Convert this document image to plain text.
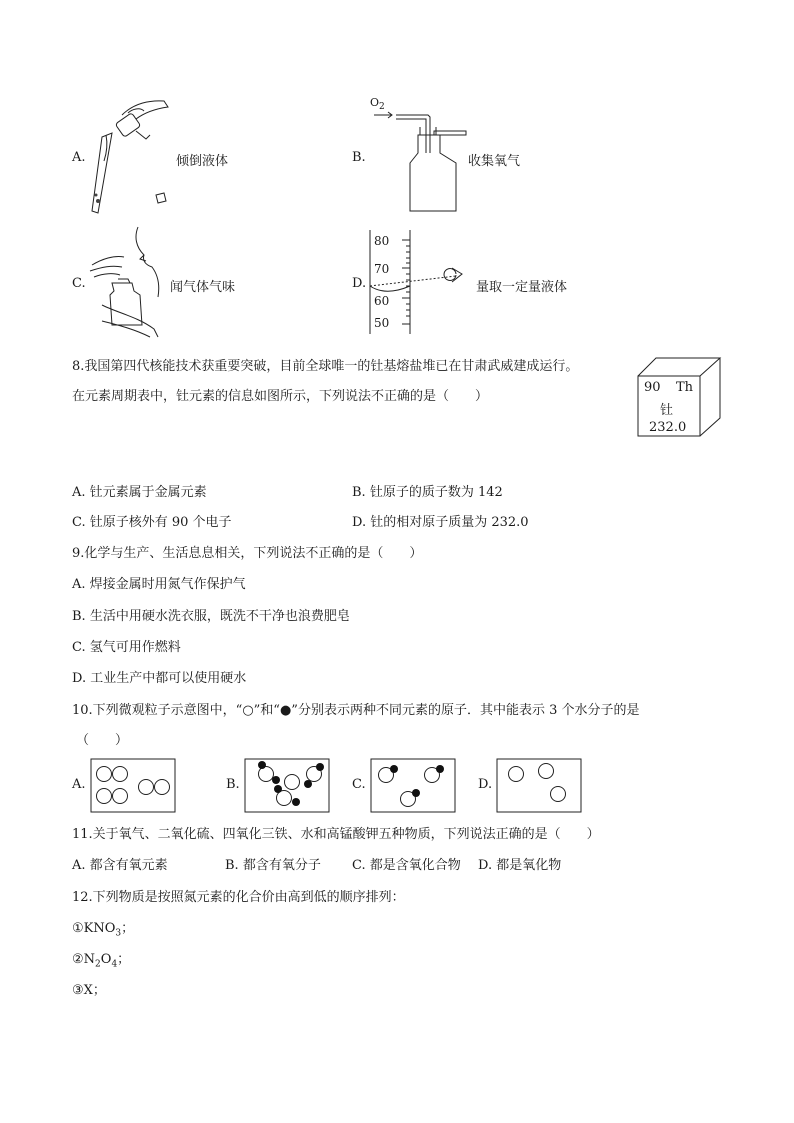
A.	倾倒液体	B.
$O_2$
收集氧气
C.	闻气体气味	D.
80
70
60
50
量取一定量液体
8.我国第四代核能技术获重要突破，目前全球唯一的钍基熔盐堆已在甘肃武威建成运行。
在元素周期表中，钍元素的信息如图所示，下列说法不正确的是（　　）
90 Th
钍
232.0
A. 钍元素属于金属元素	B. 钍原子的质子数为 142
C. 钍原子核外有 90 个电子	D. 钍的相对原子质量为 232.0
9.化学与生产、生活息息相关，下列说法不正确的是（　　）
A. 焊接金属时用氮气作保护气
B. 生活中用硬水洗衣服，既洗不干净也浪费肥皂
C. 氢气可用作燃料
D. 工业生产中都可以使用硬水
10.下列微观粒子示意图中，“○”和“●”分别表示两种不同元素的原子．其中能表示 3 个水分子的是
（　　）
A.	B.	C.	D.
11.关于氧气、二氧化硫、四氧化三铁、水和高锰酸钾五种物质，下列说法正确的是（　　）
A. 都含有氧元素	B. 都含有氧分子 C. 都是含氧化合物 D. 都是氧化物
12.下列物质是按照氮元素的化合价由高到低的顺序排列：
$①KNO_3$；
$②N_2O_4$；
③X；
